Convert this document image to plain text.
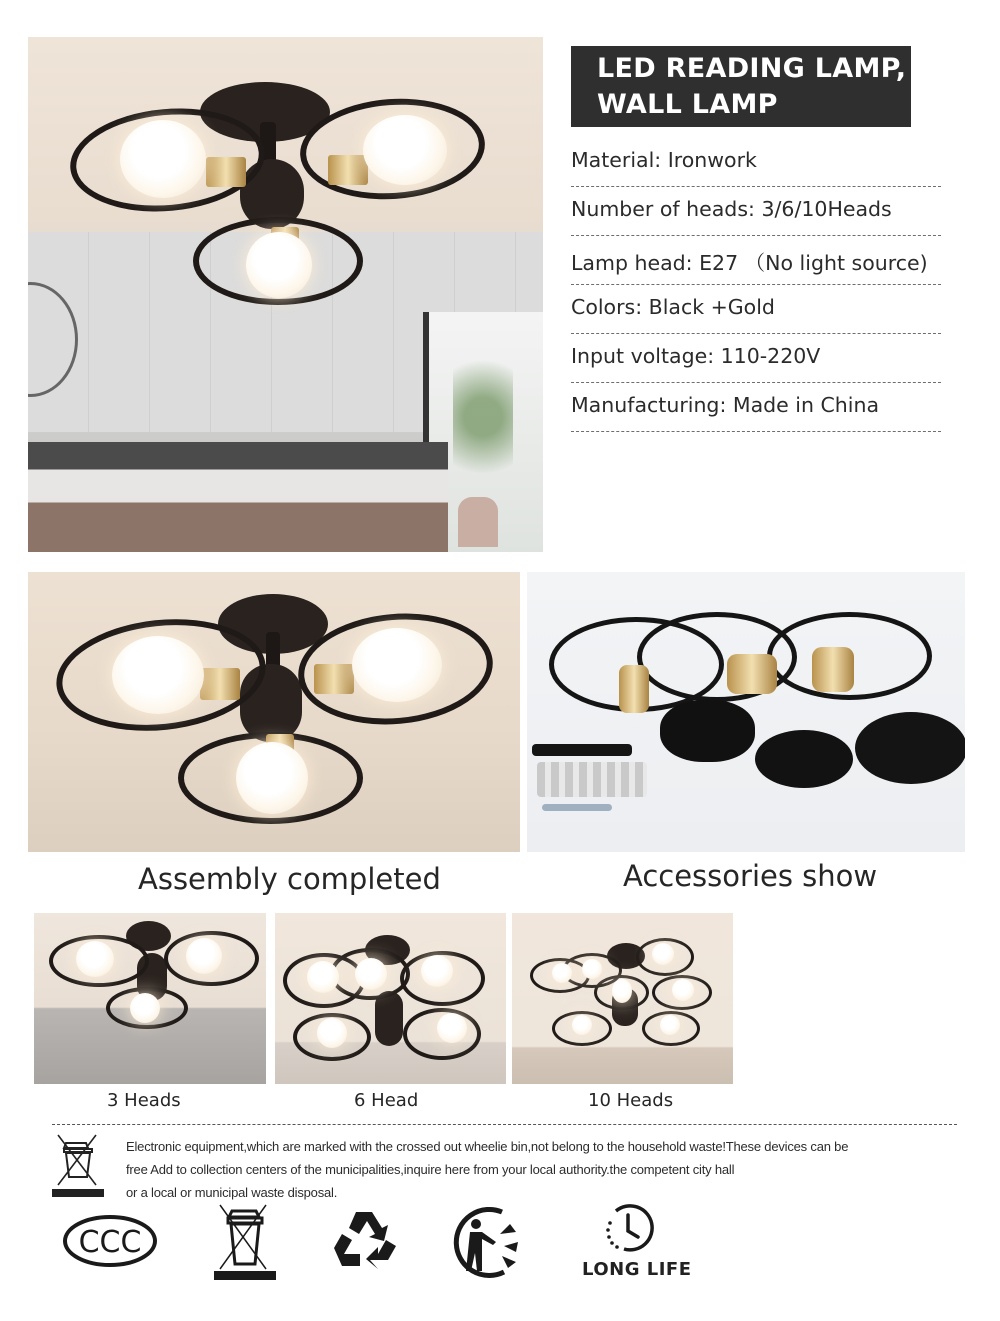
LED READING LAMP,
WALL LAMP
Material: Ironwork
Number of heads: 3/6/10Heads
Lamp head: E27 （No light source)
Colors: Black +Gold
Input voltage: 110-220V
Manufacturing: Made in China
Assembly completed	Accessories show
3 Heads	6 Head	10 Heads
Electronic equipment,which are marked with the crossed out wheelie bin,not belong to the household waste!These devices can be
free Add to collection centers of the municipalities,inquire here from your local authority.the competent city hall
or a local or municipal waste disposal.
CCC
LONG LIFE
